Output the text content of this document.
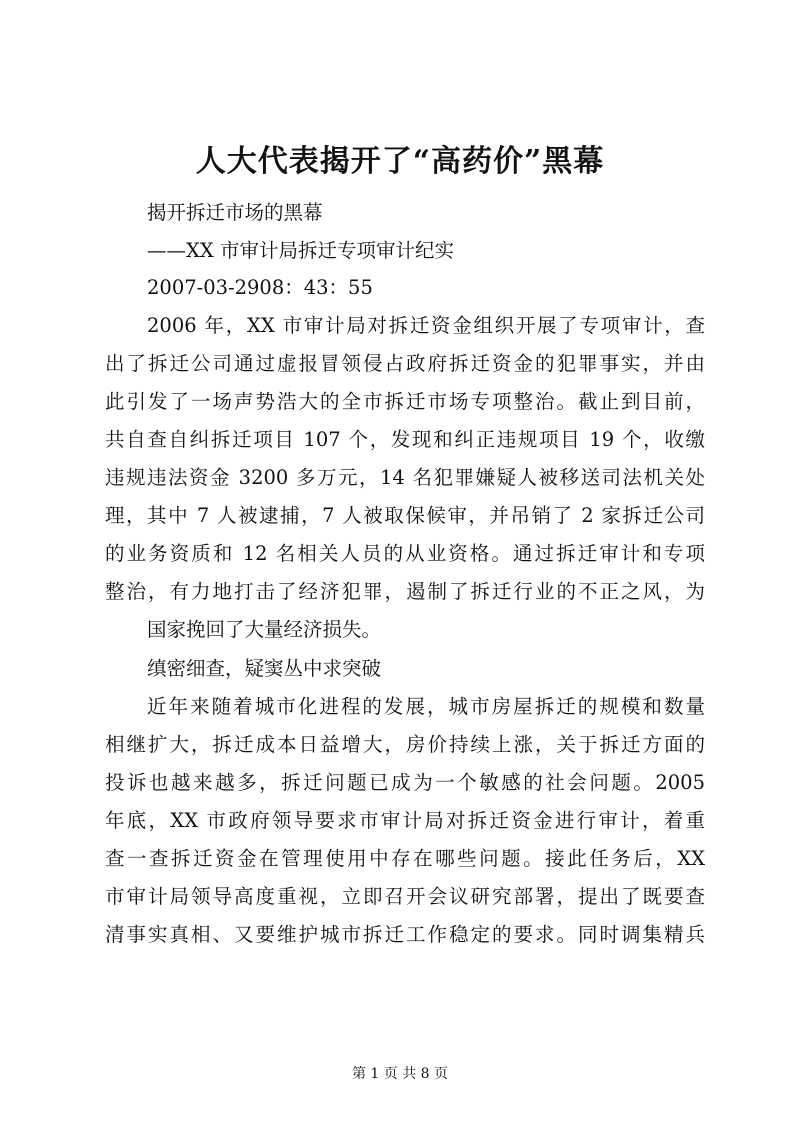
人大代表揭开了“高药价”黑幕
揭开拆迁市场的黑幕
——XX 市审计局拆迁专项审计纪实
2007-03-2908：43：55
2006 年，XX 市审计局对拆迁资金组织开展了专项审计，查
出了拆迁公司通过虚报冒领侵占政府拆迁资金的犯罪事实，并由
此引发了一场声势浩大的全市拆迁市场专项整治。截止到目前，
共自查自纠拆迁项目 107 个，发现和纠正违规项目 19 个，收缴
违规违法资金 3200 多万元，14 名犯罪嫌疑人被移送司法机关处
理，其中 7 人被逮捕，7 人被取保候审，并吊销了 2 家拆迁公司
的业务资质和 12 名相关人员的从业资格。通过拆迁审计和专项
整治，有力地打击了经济犯罪，遏制了拆迁行业的不正之风，为
国家挽回了大量经济损失。
缜密细查，疑窦丛中求突破
近年来随着城市化进程的发展，城市房屋拆迁的规模和数量
相继扩大，拆迁成本日益增大，房价持续上涨，关于拆迁方面的
投诉也越来越多，拆迁问题已成为一个敏感的社会问题。2005
年底，XX 市政府领导要求市审计局对拆迁资金进行审计，着重
查一查拆迁资金在管理使用中存在哪些问题。接此任务后，XX
市审计局领导高度重视，立即召开会议研究部署，提出了既要查
清事实真相、又要维护城市拆迁工作稳定的要求。同时调集精兵
第 1 页 共 8 页
